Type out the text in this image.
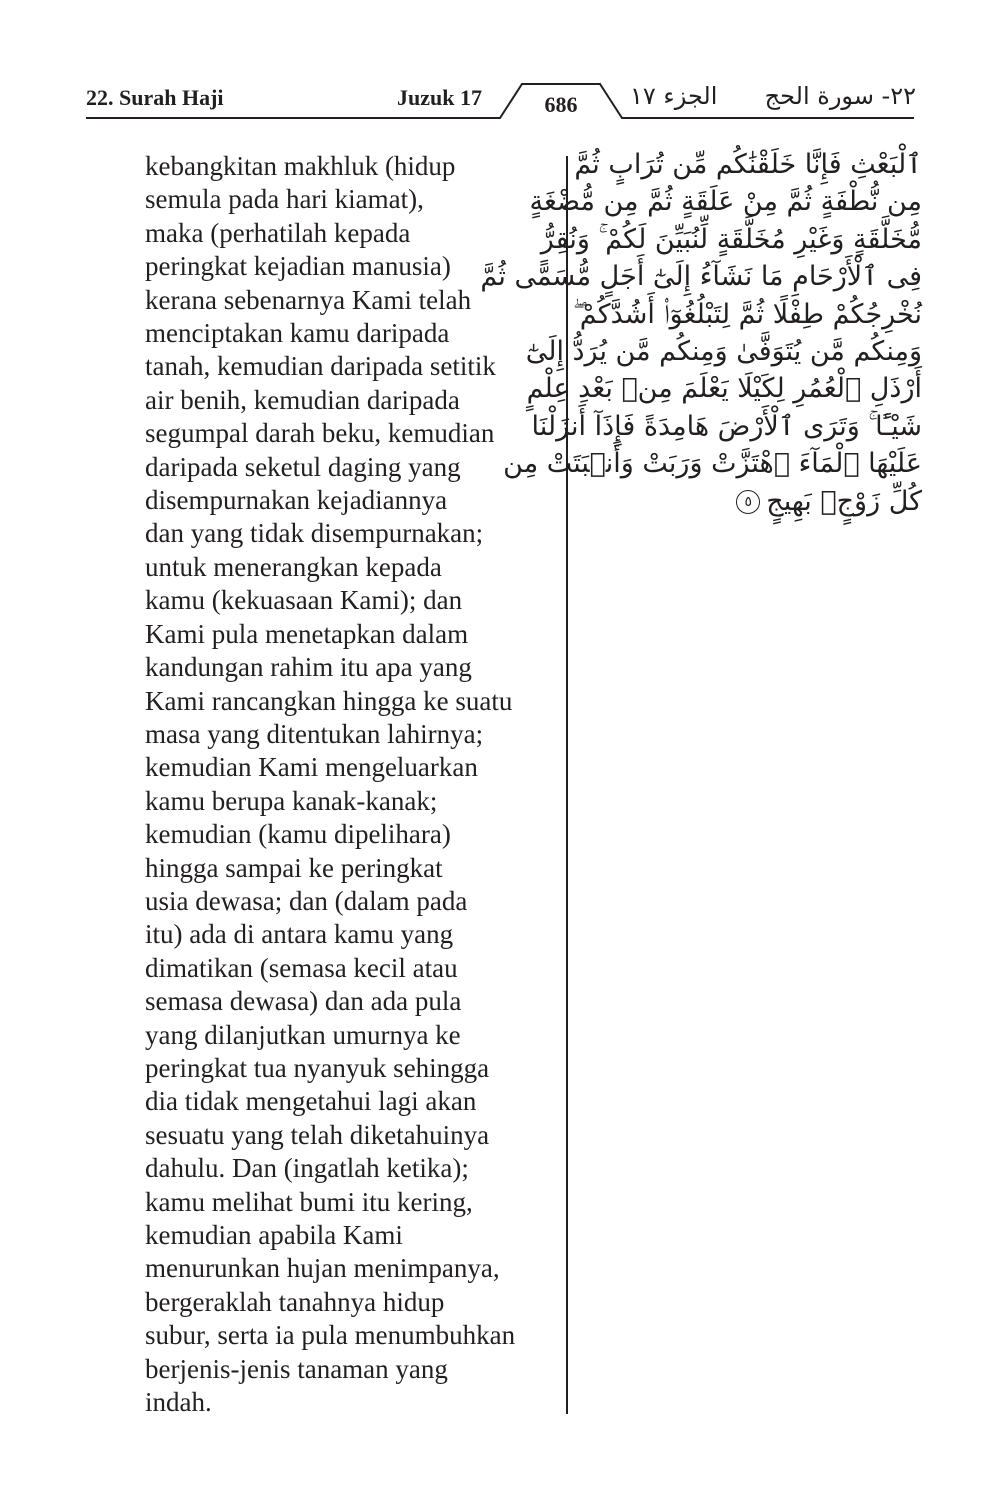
22. Surah Haji	Juzuk 17	686	الجزء ١٧ ٢٢- سورة الحج
kebangkitan makhluk (hidup
semula pada hari kiamat),
maka (perhatilah kepada
peringkat kejadian manusia)
kerana sebenarnya Kami telah
menciptakan kamu daripada
tanah, kemudian daripada setitik
air benih, kemudian daripada
segumpal darah beku, kemudian
daripada seketul daging yang
disempurnakan kejadiannya
dan yang tidak disempurnakan;
untuk menerangkan kepada
kamu (kekuasaan Kami); dan
Kami pula menetapkan dalam
kandungan rahim itu apa yang
Kami rancangkan hingga ke suatu
masa yang ditentukan lahirnya;
kemudian Kami mengeluarkan
kamu berupa kanak-kanak;
kemudian (kamu dipelihara)
hingga sampai ke peringkat
usia dewasa; dan (dalam pada
itu) ada di antara kamu yang
dimatikan (semasa kecil atau
semasa dewasa) dan ada pula
yang dilanjutkan umurnya ke
peringkat tua nyanyuk sehingga
dia tidak mengetahui lagi akan
sesuatu yang telah diketahuinya
dahulu. Dan (ingatlah ketika);
kamu melihat bumi itu kering,
kemudian apabila Kami
menurunkan hujan menimpanya,
bergeraklah tanahnya hidup
subur, serta ia pula menumbuhkan
berjenis-jenis tanaman yang
indah.
ٱلْبَعْثِ فَإِنَّا خَلَقْنَٰكُم مِّن تُرَابٍ ثُمَّ
مِن نُّطْفَةٍ ثُمَّ مِنْ عَلَقَةٍ ثُمَّ مِن مُّضْغَةٍ
مُّخَلَّقَةٍ وَغَيْرِ مُخَلَّقَةٍ لِّنُبَيِّنَ لَكُمْ ۚ وَنُقِرُّ
فِى ٱلْأَرْحَامِ مَا نَشَآءُ إِلَىٰٓ أَجَلٍ مُّسَمًّى ثُمَّ
نُخْرِجُكُمْ طِفْلًا ثُمَّ لِتَبْلُغُوٓا۟ أَشُدَّكُمْ ۖ
وَمِنكُم مَّن يُتَوَفَّىٰ وَمِنكُم مَّن يُرَدُّ إِلَىٰٓ
أَرْذَلِ ٱلْعُمُرِ لِكَيْلَا يَعْلَمَ مِنۢ بَعْدِ عِلْمٍ
شَيْـًٔا ۚ وَتَرَى ٱلْأَرْضَ هَامِدَةً فَإِذَآ أَنزَلْنَا
عَلَيْهَا ٱلْمَآءَ ٱهْتَزَّتْ وَرَبَتْ وَأَنۢبَتَتْ مِن
كُلِّ زَوْجٍۭ بَهِيجٍ٥
